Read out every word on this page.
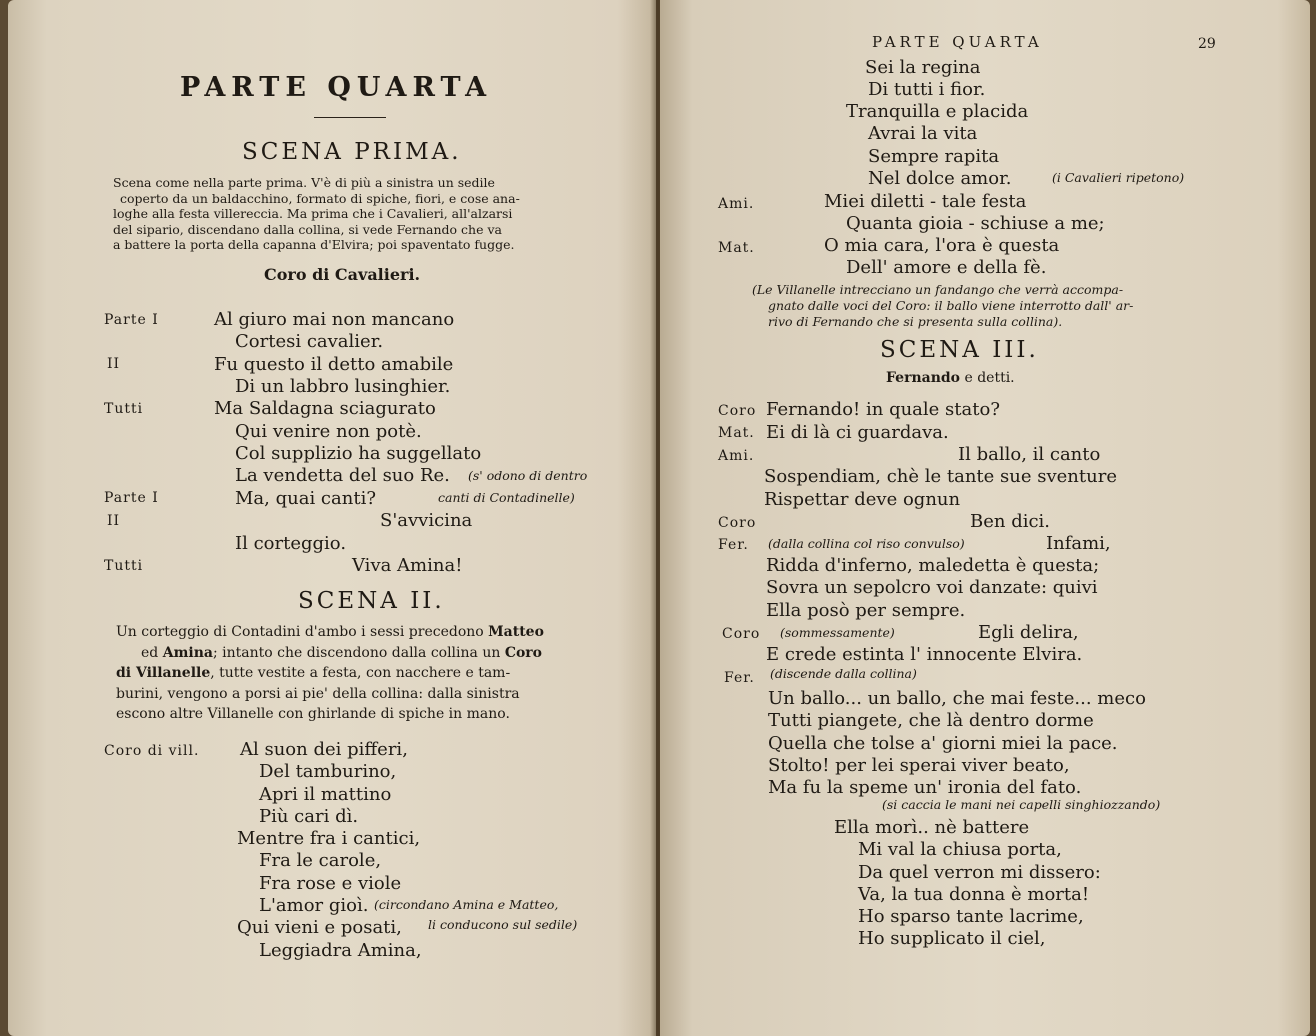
PARTE QUARTA
SCENA PRIMA.
Scena come nella parte prima. V'è di più a sinistra un sedile
coperto da un baldacchino, formato di spiche, fiori, e cose ana-
loghe alla festa villereccia. Ma prima che i Cavalieri, all'alzarsi
del sipario, discendano dalla collina, si vede Fernando che va
a battere la porta della capanna d'Elvira; poi spaventato fugge.
Coro di Cavalieri.
Parte I	Al giuro mai non mancano
Cortesi cavalier.
II	Fu questo il detto amabile
Di un labbro lusinghier.
Tutti	Ma Saldagna sciagurato
Qui venire non potè.
Col supplizio ha suggellato
La vendetta del suo Re. (s' odono di dentro
Parte I	Ma, quai canti?	canti di Contadinelle)
II	S'avvicina
Il corteggio.
Tutti	Viva Amina!
SCENA II.
Un corteggio di Contadini d'ambo i sessi precedono Matteo
ed Amina; intanto che discendono dalla collina un Coro
di Villanelle, tutte vestite a festa, con nacchere e tam-
burini, vengono a porsi ai pie' della collina: dalla sinistra
escono altre Villanelle con ghirlande di spiche in mano.
Coro di vill. Al suon dei pifferi,
Del tamburino,
Apri il mattino
Più cari dì.
Mentre fra i cantici,
Fra le carole,
Fra rose e viole
L'amor gioì. (circondano Amina e Matteo,
Qui vieni e posati, li conducono sul sedile)
Leggiadra Amina,
PARTE QUARTA	29
Sei la regina
Di tutti i fior.
Tranquilla e placida
Avrai la vita
Sempre rapita
Nel dolce amor.	(i Cavalieri ripetono)
Ami.	Miei diletti - tale festa
Quanta gioia - schiuse a me;
Mat.	O mia cara, l'ora è questa
Dell' amore e della fè.
(Le Villanelle intrecciano un fandango che verrà accompa-
gnato dalle voci del Coro: il ballo viene interrotto dall' ar-
rivo di Fernando che si presenta sulla collina).
SCENA III.
Fernando e detti.
Coro Fernando! in quale stato?
Mat. Ei di là ci guardava.
Ami.	Il ballo, il canto
Sospendiam, chè le tante sue sventure
Rispettar deve ognun
Coro	Ben dici.
Fer. (dalla collina col riso convulso)	Infami,
Ridda d'inferno, maledetta è questa;
Sovra un sepolcro voi danzate: quivi
Ella posò per sempre.
Coro (sommessamente)	Egli delira,
E crede estinta l' innocente Elvira.
Fer. (discende dalla collina)
Un ballo... un ballo, che mai feste... meco
Tutti piangete, che là dentro dorme
Quella che tolse a' giorni miei la pace.
Stolto! per lei sperai viver beato,
Ma fu la speme un' ironia del fato.
(si caccia le mani nei capelli singhiozzando)
Ella morì.. nè battere
Mi val la chiusa porta,
Da quel verron mi dissero:
Va, la tua donna è morta!
Ho sparso tante lacrime,
Ho supplicato il ciel,
